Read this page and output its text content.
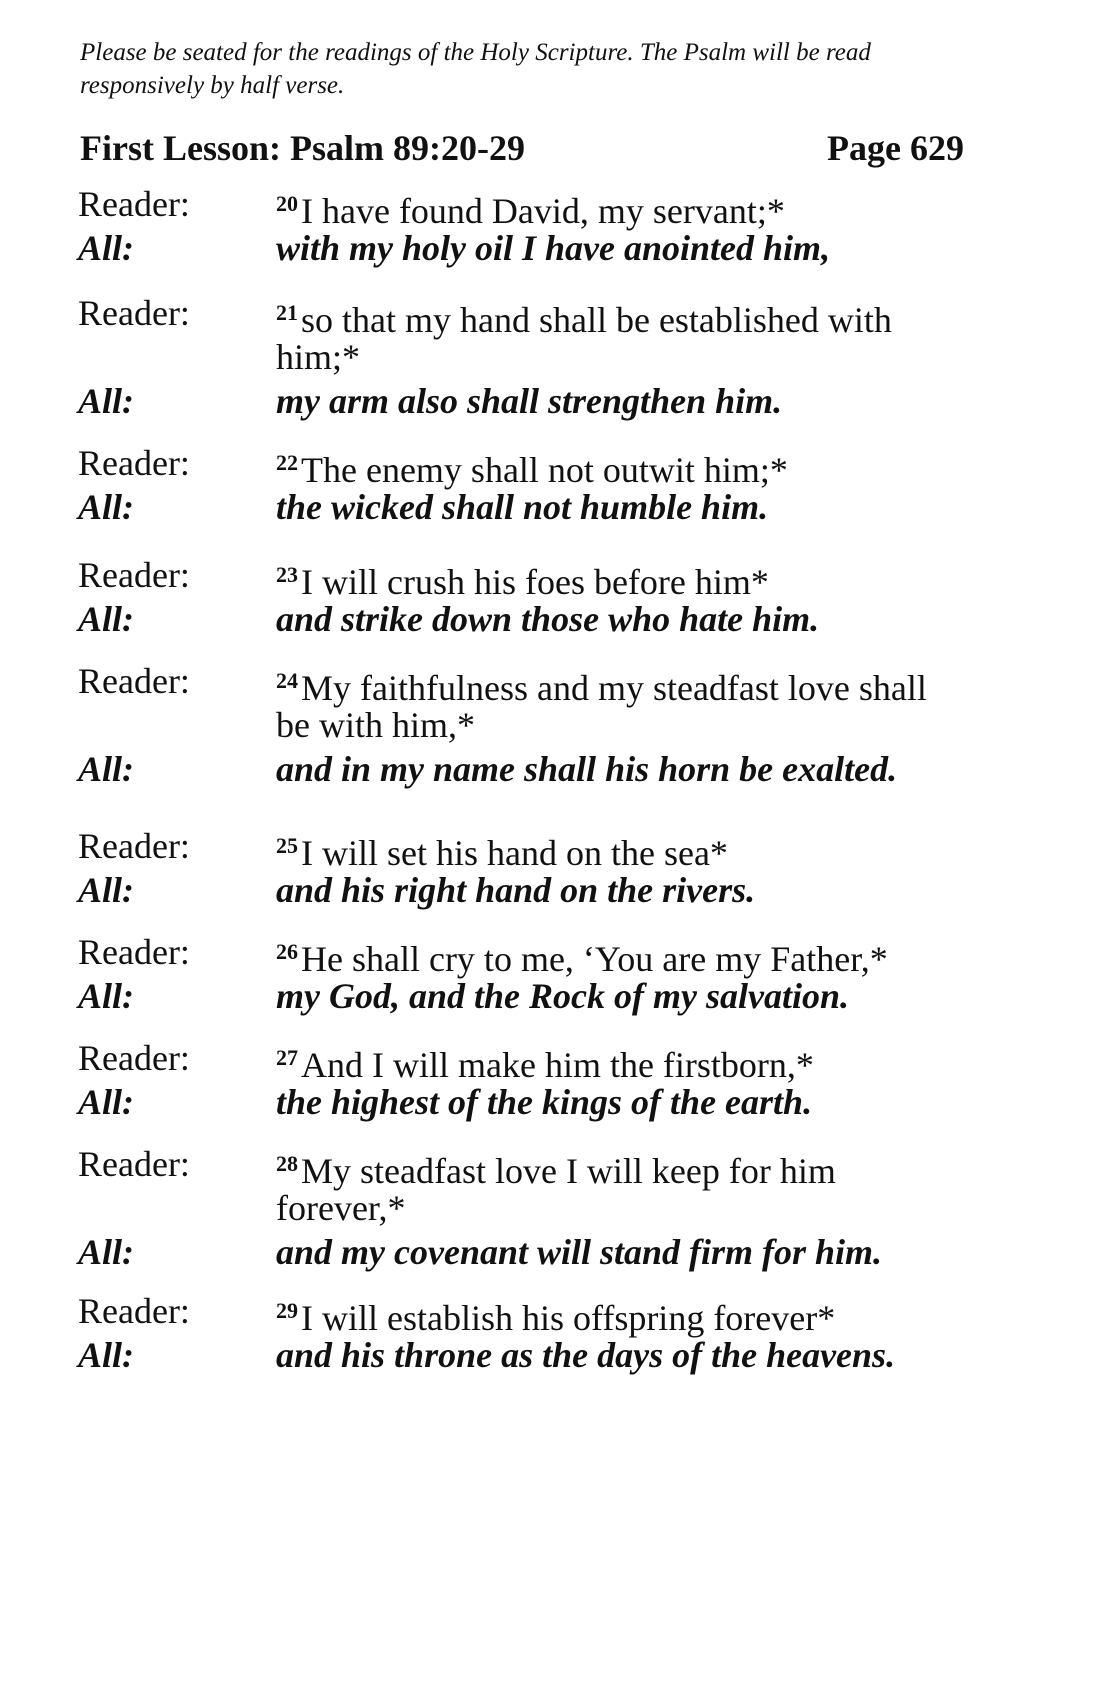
Please be seated for the readings of the Holy Scripture. The Psalm will be read responsively by half verse.

First Lesson: Psalm 89:20-29	Page 629
Reader:	$^{20}$I have found David, my servant;*
All:	with my holy oil I have anointed him,
Reader:	$^{21}$so that my hand shall be established with
him;*
All:	my arm also shall strengthen him.
Reader:	$^{22}$The enemy shall not outwit him;*
All:	the wicked shall not humble him.
Reader:	$^{23}$I will crush his foes before him*
All:	and strike down those who hate him.
Reader:	$^{24}$My faithfulness and my steadfast love shall
be with him,*
All:	and in my name shall his horn be exalted.
Reader:	$^{25}$I will set his hand on the sea*
All:	and his right hand on the rivers.
Reader:	$^{26}$He shall cry to me, ‘You are my Father,*
All:	my God, and the Rock of my salvation.
Reader:	$^{27}$And I will make him the firstborn,*
All:	the highest of the kings of the earth.
Reader:	$^{28}$My steadfast love I will keep for him
forever,*
All:	and my covenant will stand firm for him.
Reader:	$^{29}$I will establish his offspring forever*
All:	and his throne as the days of the heavens.
